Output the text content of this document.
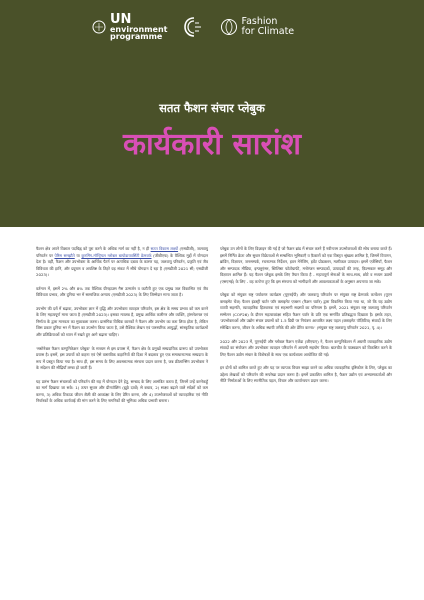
UN
environment
programme
Fashion
for Climate
सतत फैशन संचार प्लेबुक
कार्यकारी सारांश

फैशन क्षेत्र अपने विशाल पदचिह्न को पूरा करने के अधिक मार्ग का नहीं है, न ही सतत विकास लक्ष्यों (एसडीजी), जलवायु परिवर्तन पर पेरिस समझौते या कुनमिंग-मॉन्ट्रियल ग्लोबल बायोडायवर्सिटी फ्रेमवर्क (जीबीएफ) के वैश्विक मुद्दों में योगदान देता है। वहीं, फैशन और उपभोक्ता के आर्थिक पैटर्न पर अत्यधिक दबाव के कारण यह, जलवायु परिवर्तन, प्रकृति एवं जैव विविधता की हानि, और प्रदूषण व अपशिष्ट के तिहरे ग्रह संकट में सीधे योगदान दे रहा है (एसडीजी 2021 सी; एसडीजी 2023)।

वर्तमान में, इसमें 2% और 8% तक वैश्विक ग्रीनहाउस गैस उत्सर्जन व कटौती हुए एक प्रमुख जल विकासित एवं जैव विविधता प्रभाव, और दुनिया भर में सामाजिक अन्याय (एसडीजी 2023) के लिए जिम्मेदार माना जाता है।

उपभोग की दरों में बढ़ावा, उपभोक्ता ज्ञान में वृद्धि और उपभोक्ता व्यवहार परिवर्तन, इस क्षेत्र के समग्र प्रभाव को कम करने के लिए महत्वपूर्ण माना जाता है (एसडीजी 2023)। इसका मतलब है, प्रमुख आर्थिक कारीगर और व्यक्ति, ट्रांसनेशनल एवं निर्माता के द्वारा मानवता का मुकाबला करना। प्रासंगिक विधिक कारकों ने फैशन और उपभोग का करा लिया होता है, लेकिन जिस प्रकार दुनिया भर में फैशन का उपभोग किया जाता है, उसे वैश्विक लेखन एवं पारस्परिक आयुद्धों, सांस्कृतिक कार्यक्रमों और प्रतिक्रियाओं को ध्यान में रखते हुए आगे बढ़ाना चाहिए।

'सस्टेनेबल फैशन कम्युनिकेशन प्लेबुक' के माध्यम से इस प्रयास में, फैशन क्षेत्र के प्रमुखों सम्प्रदायिक प्रारूप को उपभोक्ता प्रयास है। इसमें, इस उपायों को कहना एवं ऐसे वास्तविक कहानियों की दिशा में बदलाव हुए एक समाधानात्मक सम्प्रदाय के रूप में प्रस्तुत किया गया है। साथ ही, इस समय के लिए अवसरात्मक संरचना प्रदान करना है, जब फ्रीलान्सिंग उपभोक्ता ने के संदेशन की सीढ़ियाँ लम्बा हो जाती हैं।

यह प्रारंभ फैशन संचारकों को परिवर्तन की राह में योगदान देने हेतु, सम्बाद के लिए आमंत्रित करता है, जिनमें उन्हें करनेकहूँ का मार्ग दिखाया जा सके: 1) तत्पर सुधार और प्रीनवॉशिंग (झूठे दावों) से बचाव, 2) साक्ष्य बढ़ाने वाले संदेशों को कम करना, 3) अधिक टिकाऊ जीवन शैली की आकांक्षा के लिए प्रेरित करना, और 4) उपभोक्ताओं को व्यावहारिक एवं नीति निर्धारकों के अधिक कार्यवाई की मांग करने के लिए नागरिकों की भूमिका अधिक प्रभावी बनाना।

प्लेबुक उन लोगों के लिए डिज़ाइन की गई है जो फैशन ब्रांड में संचार करने हैं नवीनतम उपभोक्ताओं की सोच बनाया करते हैं। इसमें निर्मित क्रेता और सुधार विक्रेताओं से सम्बन्धित भूमिकाएँ व फ़ैक्टरों को एक विस्तृत श्रृंखला शामिल है, जिसमें विपणन, ब्रांडिंग, विज्ञापन, जनसम्पर्क, रचनात्मक निर्देशन, इवन मेनेजिंग, इवेंट प्रोडक्शन, मल्टीकल उत्पादन। इसमें एजेंसियाँ, फैशन और सम्पादक मीडिया, इन्फ्लुएंसर, स्टिलिस्ट फोटोग्राफी, मनोरंजन सम्पादकों, उत्पादकों की तरह, फ़िल्मकार समूह और विज्ञापन शामिल हैं। यह फैशन प्लेबुक इसके लिए तैयार किया है - महत्वपूर्ण सेनाओं के साथ-साथ, छोटे व मध्यम उद्यमों (एसएमई) के लिए - वह कन्टेन्ट हुए कि इस संरचना को भागीदारों और आवश्यकताओं के अनुसार अपनाया जा सके।

प्लेबुक को संयुक्त राष्ट्र पर्यावरण कार्यक्रम (यूएनईपी) और जलवायु परिवर्तन पर संयुक्त राष्ट्र फ्रेमवर्क कन्वेंशन (यूएन क्लाइमेट चेंज) फैशन इंडस्ट्री चार्टर फॉर क्लाइमेट एक्शन (फैशन चार्टर) द्वारा विकसित किया गया था, जो कि यह उद्योग व्यापी सहमति, व्यावहारिक हितधारक एवं सहभागी सदस्यों का परिणाम है। इसमें, 2021 संयुक्त राष्ट्र जलवायु परिवर्तन सम्मेलन (COP26) के दौरान महत्वाकांक्षा सहित फैशन चार्टर के प्रति एक समर्पित प्रतिबद्धता दिखाता है। इसके तहत, 'उपभोक्ताओं और उद्योग संचार प्रयासों को 1.5 डिग्री पर नियंत्रण आधारित लक्ष्य पहल (क्लाइमेट पॉज़िटिव) संवादों के लिए संरेखित करना, जीवन के अधिक स्थायी तरीके की ओर प्रेरित करना।' (संयुक्त राष्ट्र जलवायु परिवर्तन 2021, पृ. 4)।

2022 और 2023 में, यूएनईपी और ग्लोबल फैशन एजेंडा (जीएफए) ने, फैशन कम्युनिकेशन में अग्रणी व्यावहारिक उद्योग संवादों का संयोजन और उपभोक्ता व्यवहार परिवर्तन में आपसी सहयोग किया। बातचीत के पाठ्यक्रम को विकसित करने के लिए फैशन उद्योग संचार के विशेषज्ञों के साथ एक कार्यशाला आयोजित की गई।

इन दोनों को शामिल करते हुए और यह पर व्यापक विचार साझा करने का अधिक व्यावहारिक दृष्टिकोण के लिए, प्लेबुक का उद्देश्य लेखकों को परिवर्तन की रूपरेखा प्रदान करना है। इसमें प्रकाशित शामिल है, फैशन उद्योग एवं अभ्यासकर्ताओं और नीति निर्माताओं के लिए रणनीतिक पहल, विचार और कार्यान्वयन प्रदान करना।
